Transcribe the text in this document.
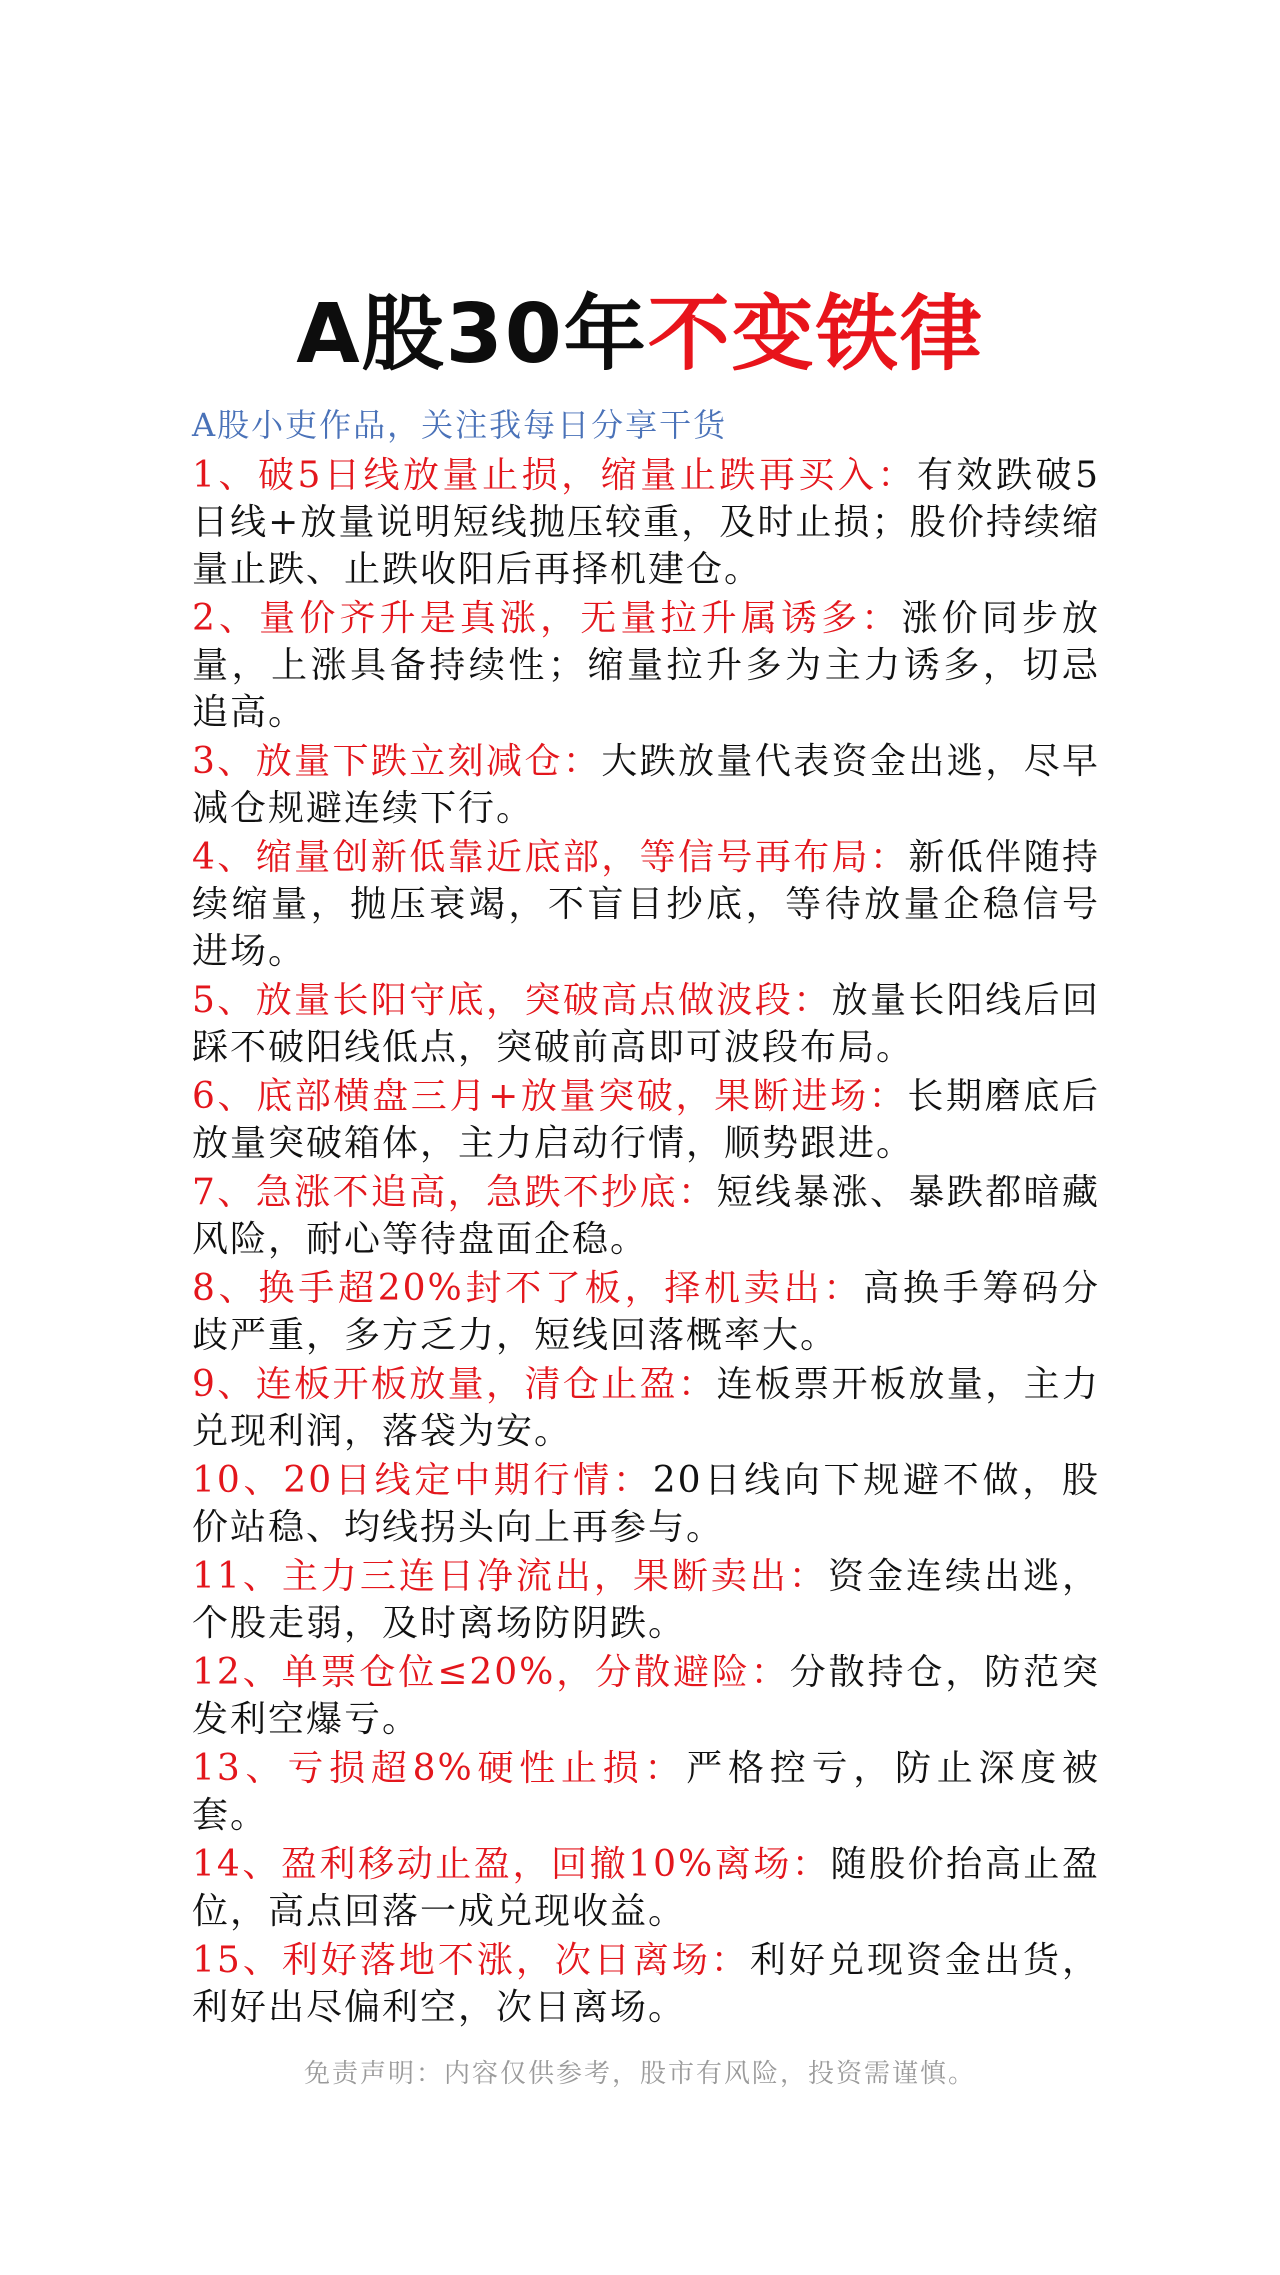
A股30年不变铁律

A股小吏作品，关注我每日分享干货

1、破5日线放量止损，缩量止跌再买入：有效跌破5日线+放量说明短线抛压较重，及时止损；股价持续缩量止跌、止跌收阳后再择机建仓。

2、量价齐升是真涨，无量拉升属诱多：涨价同步放量，上涨具备持续性；缩量拉升多为主力诱多，切忌追高。

3、放量下跌立刻减仓：大跌放量代表资金出逃，尽早减仓规避连续下行。

4、缩量创新低靠近底部，等信号再布局：新低伴随持续缩量，抛压衰竭，不盲目抄底，等待放量企稳信号进场。

5、放量长阳守底，突破高点做波段：放量长阳线后回踩不破阳线低点，突破前高即可波段布局。

6、底部横盘三月+放量突破，果断进场：长期磨底后放量突破箱体，主力启动行情，顺势跟进。

7、急涨不追高，急跌不抄底：短线暴涨、暴跌都暗藏风险，耐心等待盘面企稳。

8、换手超20%封不了板，择机卖出：高换手筹码分歧严重，多方乏力，短线回落概率大。

9、连板开板放量，清仓止盈：连板票开板放量，主力兑现利润，落袋为安。

10、20日线定中期行情：20日线向下规避不做，股价站稳、均线拐头向上再参与。

11、主力三连日净流出，果断卖出：资金连续出逃，个股走弱，及时离场防阴跌。

12、单票仓位≤20%，分散避险：分散持仓，防范突发利空爆亏。

13、亏损超8%硬性止损：严格控亏，防止深度被套。

14、盈利移动止盈，回撤10%离场：随股价抬高止盈位，高点回落一成兑现收益。

15、利好落地不涨，次日离场：利好兑现资金出货，利好出尽偏利空，次日离场。

免责声明：内容仅供参考，股市有风险，投资需谨慎。
